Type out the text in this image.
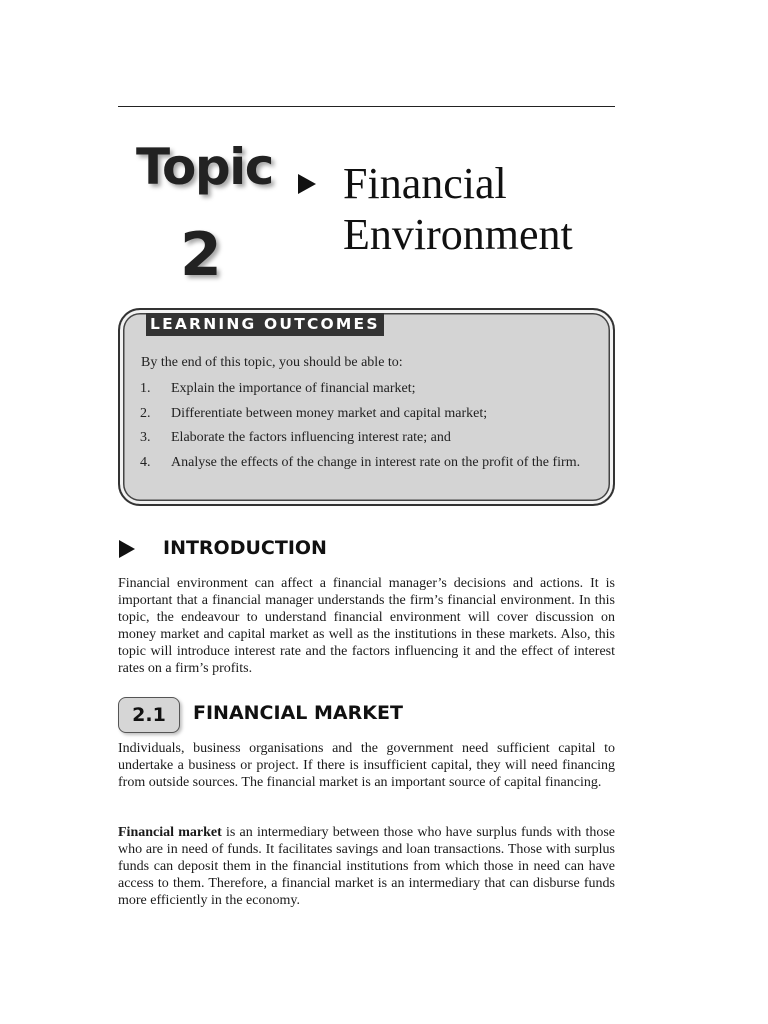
Topic
2
Financial
Environment
LEARNING OUTCOMES
By the end of this topic, you should be able to:
1. Explain the importance of financial market;
2. Differentiate between money market and capital market;
3. Elaborate the factors influencing interest rate; and
4. Analyse the effects of the change in interest rate on the profit of the firm.
INTRODUCTION
Financial environment can affect a financial manager’s decisions and actions. It is important that a financial manager understands the firm’s financial environment. In this topic, the endeavour to understand financial environment will cover discussion on money market and capital market as well as the institutions in these markets. Also, this topic will introduce interest rate and the factors influencing it and the effect of interest rates on a firm’s profits.
2.1	FINANCIAL MARKET
Individuals, business organisations and the government need sufficient capital to undertake a business or project. If there is insufficient capital, they will need financing from outside sources. The financial market is an important source of capital financing.
Financial market is an intermediary between those who have surplus funds with those who are in need of funds. It facilitates savings and loan transactions. Those with surplus funds can deposit them in the financial institutions from which those in need can have access to them. Therefore, a financial market is an intermediary that can disburse funds more efficiently in the economy.
